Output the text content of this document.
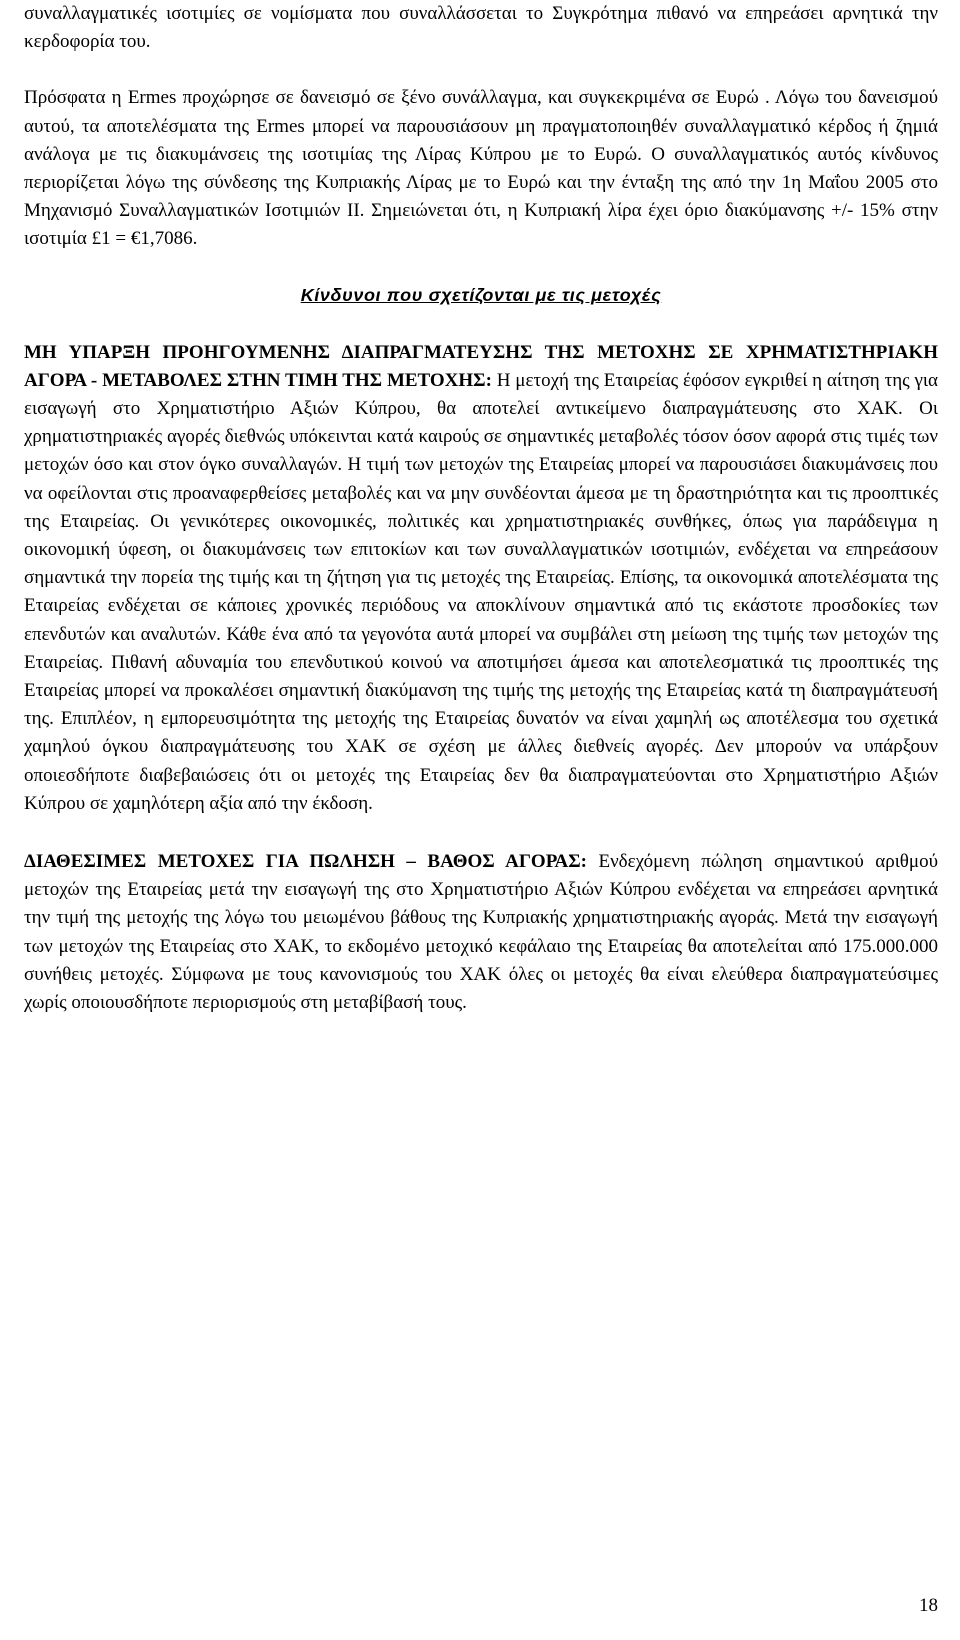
συναλλαγματικές ισοτιμίες σε νομίσματα που συναλλάσσεται το Συγκρότημα πιθανό να επηρεάσει αρνητικά την κερδοφορία του.

Πρόσφατα η Ermes προχώρησε σε δανεισμό σε ξένο συνάλλαγμα, και συγκεκριμένα σε Ευρώ . Λόγω του δανεισμού αυτού, τα αποτελέσματα της Ermes μπορεί να παρουσιάσουν μη πραγματοποιηθέν συναλλαγματικό κέρδος ή ζημιά ανάλογα με τις διακυμάνσεις της ισοτιμίας της Λίρας Κύπρου με το Ευρώ. Ο συναλλαγματικός αυτός κίνδυνος περιορίζεται λόγω της σύνδεσης της Κυπριακής Λίρας με το Ευρώ και την ένταξη της από την 1η Μαΐου 2005 στο Μηχανισμό Συναλλαγματικών Ισοτιμιών ΙΙ. Σημειώνεται ότι, η Κυπριακή λίρα έχει όριο διακύμανσης +/- 15% στην ισοτιμία £1 = €1,7086.

Κίνδυνοι που σχετίζονται με τις μετοχές

ΜΗ ΥΠΑΡΞΗ ΠΡΟΗΓΟΥΜΕΝΗΣ ΔΙΑΠΡΑΓΜΑΤΕΥΣΗΣ ΤΗΣ ΜΕΤΟΧΗΣ ΣΕ ΧΡΗΜΑΤΙΣΤΗΡΙΑΚΗ ΑΓΟΡΑ - ΜΕΤΑΒΟΛΕΣ ΣΤΗΝ ΤΙΜΗ ΤΗΣ ΜΕΤΟΧΗΣ: Η μετοχή της Εταιρείας έφόσον εγκριθεί η αίτηση της για εισαγωγή στο Χρηματιστήριο Αξιών Κύπρου, θα αποτελεί αντικείμενο διαπραγμάτευσης στο ΧΑΚ. Οι χρηματιστηριακές αγορές διεθνώς υπόκεινται κατά καιρούς σε σημαντικές μεταβολές τόσον όσον αφορά στις τιμές των μετοχών όσο και στον όγκο συναλλαγών. Η τιμή των μετοχών της Εταιρείας μπορεί να παρουσιάσει διακυμάνσεις που να οφείλονται στις προαναφερθείσες μεταβολές και να μην συνδέονται άμεσα με τη δραστηριότητα και τις προοπτικές της Εταιρείας. Οι γενικότερες οικονομικές, πολιτικές και χρηματιστηριακές συνθήκες, όπως για παράδειγμα η οικονομική ύφεση, οι διακυμάνσεις των επιτοκίων και των συναλλαγματικών ισοτιμιών, ενδέχεται να επηρεάσουν σημαντικά την πορεία της τιμής και τη ζήτηση για τις μετοχές της Εταιρείας. Επίσης, τα οικονομικά αποτελέσματα της Εταιρείας ενδέχεται σε κάποιες χρονικές περιόδους να αποκλίνουν σημαντικά από τις εκάστοτε προσδοκίες των επενδυτών και αναλυτών. Κάθε ένα από τα γεγονότα αυτά μπορεί να συμβάλει στη μείωση της τιμής των μετοχών της Εταιρείας. Πιθανή αδυναμία του επενδυτικού κοινού να αποτιμήσει άμεσα και αποτελεσματικά τις προοπτικές της Εταιρείας μπορεί να προκαλέσει σημαντική διακύμανση της τιμής της μετοχής της Εταιρείας κατά τη διαπραγμάτευσή της. Επιπλέον, η εμπορευσιμότητα της μετοχής της Εταιρείας δυνατόν να είναι χαμηλή ως αποτέλεσμα του σχετικά χαμηλού όγκου διαπραγμάτευσης του ΧΑΚ σε σχέση με άλλες διεθνείς αγορές. Δεν μπορούν να υπάρξουν οποιεσδήποτε διαβεβαιώσεις ότι οι μετοχές της Εταιρείας δεν θα διαπραγματεύονται στο Χρηματιστήριο Αξιών Κύπρου σε χαμηλότερη αξία από την έκδοση.

ΔΙΑΘΕΣΙΜΕΣ ΜΕΤΟΧΕΣ ΓΙΑ ΠΩΛΗΣΗ – ΒΑΘΟΣ ΑΓΟΡΑΣ: Ενδεχόμενη πώληση σημαντικού αριθμού μετοχών της Εταιρείας μετά την εισαγωγή της στο Χρηματιστήριο Αξιών Κύπρου ενδέχεται να επηρεάσει αρνητικά την τιμή της μετοχής της λόγω του μειωμένου βάθους της Κυπριακής χρηματιστηριακής αγοράς. Μετά την εισαγωγή των μετοχών της Εταιρείας στο ΧΑΚ, το εκδομένο μετοχικό κεφάλαιο της Εταιρείας θα αποτελείται από 175.000.000 συνήθεις μετοχές. Σύμφωνα με τους κανονισμούς του ΧΑΚ όλες οι μετοχές θα είναι ελεύθερα διαπραγματεύσιμες χωρίς οποιουσδήποτε περιορισμούς στη μεταβίβασή τους.

18
